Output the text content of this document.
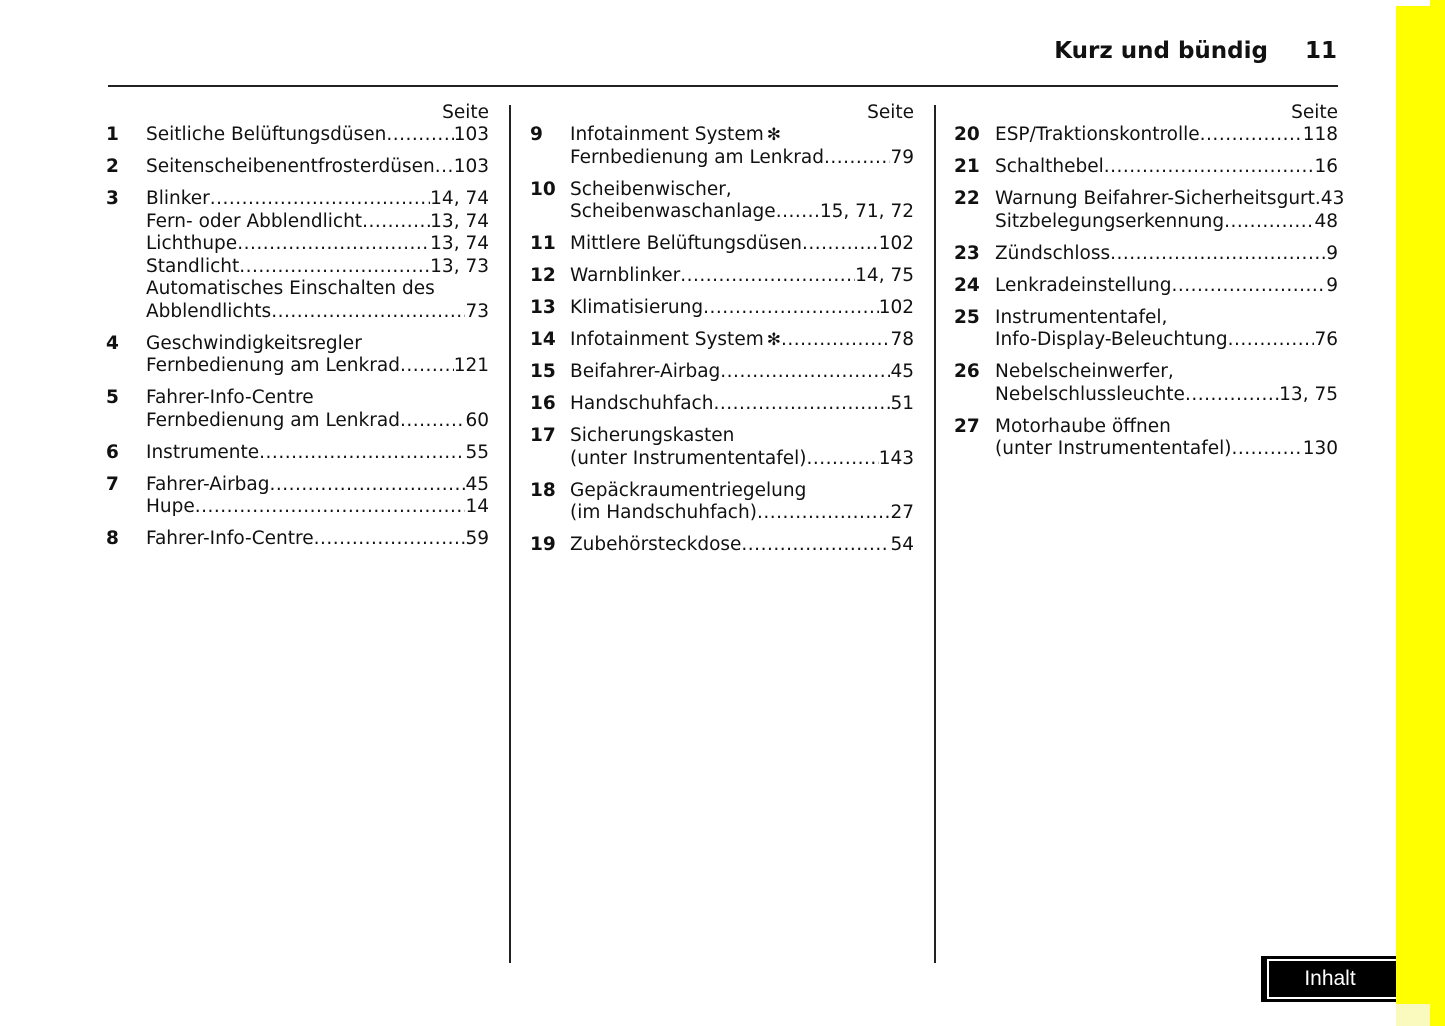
Kurz und bündig 11
Seite
1	Seitliche Belüftungsdüsen .....	103
2	Seitenscheibenentfrosterdüsen ..... 103
3	Blinker .....	14, 74
Fern- oder Abblendlicht .....	13, 74
Lichthupe .....	13, 74
Standlicht .....	13, 73
Automatisches Einschalten des
Abblendlichts .....	73
4	Geschwindigkeitsregler
Fernbedienung am Lenkrad .....	121
5	Fahrer-Info-Centre
Fernbedienung am Lenkrad .....	60
6	Instrumente .....	55
7	Fahrer-Airbag .....	45
Hupe .....	14
8	Fahrer-Info-Centre .....	59
Seite
9	Infotainment System ✻
Fernbedienung am Lenkrad .....	79
10 Scheibenwischer,
Scheibenwaschanlage ..... 15, 71, 72
11 Mittlere Belüftungsdüsen .....	102
12 Warnblinker .....	14, 75
13 Klimatisierung .....	102
14 Infotainment System ✻ .....	78
15 Beifahrer-Airbag .....	45
16 Handschuhfach .....	51
17 Sicherungskasten
(unter Instrumententafel) .....	143
18 Gepäckraumentriegelung
(im Handschuhfach) .....	27
19 Zubehörsteckdose .....	54
Seite
20 ESP/Traktionskontrolle .....	118
21 Schalthebel .....	16
22 Warnung Beifahrer-Sicherheitsgurt. 43
Sitzbelegungserkennung .....	48
23 Zündschloss .....	9
24 Lenkradeinstellung .....	9
25 Instrumententafel,
Info-Display-Beleuchtung .....	76
26 Nebelscheinwerfer,
Nebelschlussleuchte .....	13, 75
27 Motorhaube öffnen
(unter Instrumententafel) .....	130
Inhalt
